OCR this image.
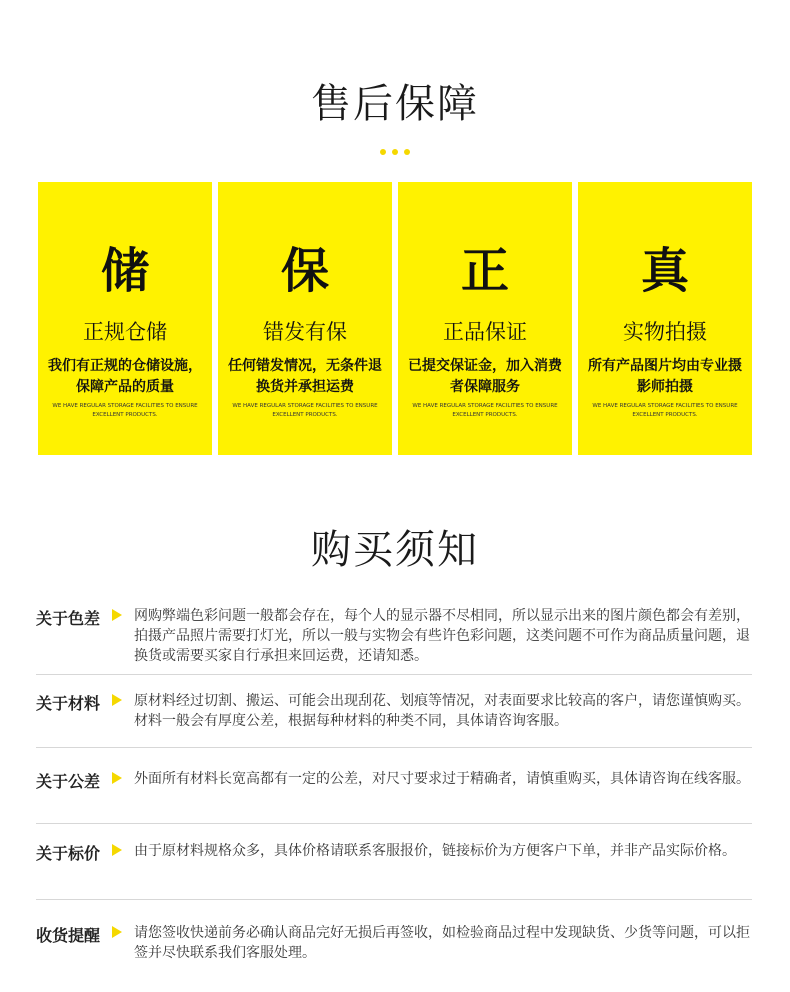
售后保障
储
正规仓储
我们有正规的仓储设施，保障产品的质量
WE HAVE REGULAR STORAGE FACILITIES TO ENSURE EXCELLENT PRODUCTS.
保
错发有保
任何错发情况，无条件退换货并承担运费
WE HAVE REGULAR STORAGE FACILITIES TO ENSURE EXCELLENT PRODUCTS.
正
正品保证
已提交保证金，加入消费者保障服务
WE HAVE REGULAR STORAGE FACILITIES TO ENSURE EXCELLENT PRODUCTS.
真
实物拍摄
所有产品图片均由专业摄影师拍摄
WE HAVE REGULAR STORAGE FACILITIES TO ENSURE EXCELLENT PRODUCTS.
购买须知
关于色差 网购弊端色彩问题一般都会存在，每个人的显示器不尽相同，所以显示出来的图片颜色都会有差别，拍摄产品照片需要打灯光，所以一般与实物会有些许色彩问题，这类问题不可作为商品质量问题，退换货或需要买家自行承担来回运费，还请知悉。
关于材料 原材料经过切割、搬运、可能会出现刮花、划痕等情况，对表面要求比较高的客户，请您谨慎购买。材料一般会有厚度公差，根据每种材料的种类不同，具体请咨询客服。
关于公差 外面所有材料长宽高都有一定的公差，对尺寸要求过于精确者，请慎重购买，具体请咨询在线客服。
关于标价 由于原材料规格众多，具体价格请联系客服报价，链接标价为方便客户下单，并非产品实际价格。
收货提醒 请您签收快递前务必确认商品完好无损后再签收，如检验商品过程中发现缺货、少货等问题，可以拒签并尽快联系我们客服处理。
